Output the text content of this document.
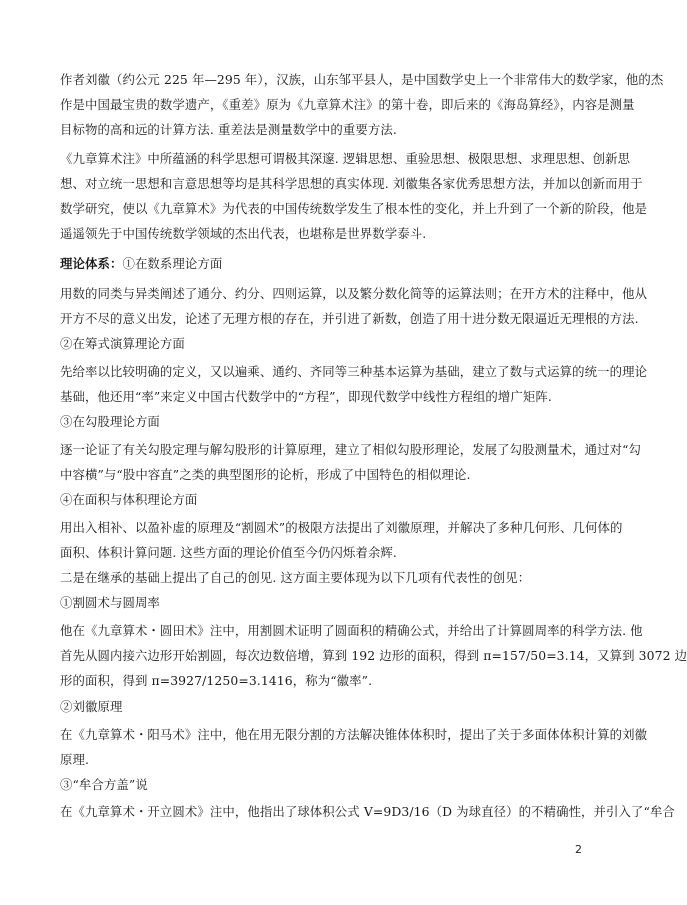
作者刘徽（约公元 225 年—295 年），汉族，山东邹平县人，是中国数学史上一个非常伟大的数学家，他的杰
作是中国最宝贵的数学遗产，《重差》原为《九章算术注》的第十卷，即后来的《海岛算经》，内容是测量
目标物的高和远的计算方法. 重差法是测量数学中的重要方法.
《九章算术注》中所蕴涵的科学思想可谓极其深邃. 逻辑思想、重验思想、极限思想、求理思想、创新思
想、对立统一思想和言意思想等均是其科学思想的真实体现. 刘徽集各家优秀思想方法，并加以创新而用于
数学研究，使以《九章算术》为代表的中国传统数学发生了根本性的变化，并上升到了一个新的阶段，他是
遥遥领先于中国传统数学领域的杰出代表，也堪称是世界数学泰斗.
理论体系：①在数系理论方面
用数的同类与异类阐述了通分、约分、四则运算，以及繁分数化简等的运算法则；在开方术的注释中，他从
开方不尽的意义出发，论述了无理方根的存在，并引进了新数，创造了用十进分数无限逼近无理根的方法.
②在筹式演算理论方面
先给率以比较明确的定义，又以遍乘、通约、齐同等三种基本运算为基础，建立了数与式运算的统一的理论
基础，他还用“率”来定义中国古代数学中的“方程”，即现代数学中线性方程组的增广矩阵.
③在勾股理论方面
逐一论证了有关勾股定理与解勾股形的计算原理，建立了相似勾股形理论，发展了勾股测量术，通过对“勾
中容横”与“股中容直”之类的典型图形的论析，形成了中国特色的相似理论.
④在面积与体积理论方面
用出入相补、以盈补虚的原理及“割圆术”的极限方法提出了刘徽原理，并解决了多种几何形、几何体的
面积、体积计算问题. 这些方面的理论价值至今仍闪烁着余辉.
二是在继承的基础上提出了自己的创见. 这方面主要体现为以下几项有代表性的创见：
①割圆术与圆周率
他在《九章算术・圆田术》注中，用割圆术证明了圆面积的精确公式，并给出了计算圆周率的科学方法. 他
首先从圆内接六边形开始割圆，每次边数倍增，算到 192 边形的面积，得到 π=157/50=3.14，又算到 3072 边
形的面积，得到 π=3927/1250=3.1416，称为“徽率”.
②刘徽原理
在《九章算术・阳马术》注中，他在用无限分割的方法解决锥体体积时，提出了关于多面体体积计算的刘徽
原理.
③“牟合方盖”说
在《九章算术・开立圆术》注中，他指出了球体积公式 V=9D3/16（D 为球直径）的不精确性，并引入了“牟合
2
